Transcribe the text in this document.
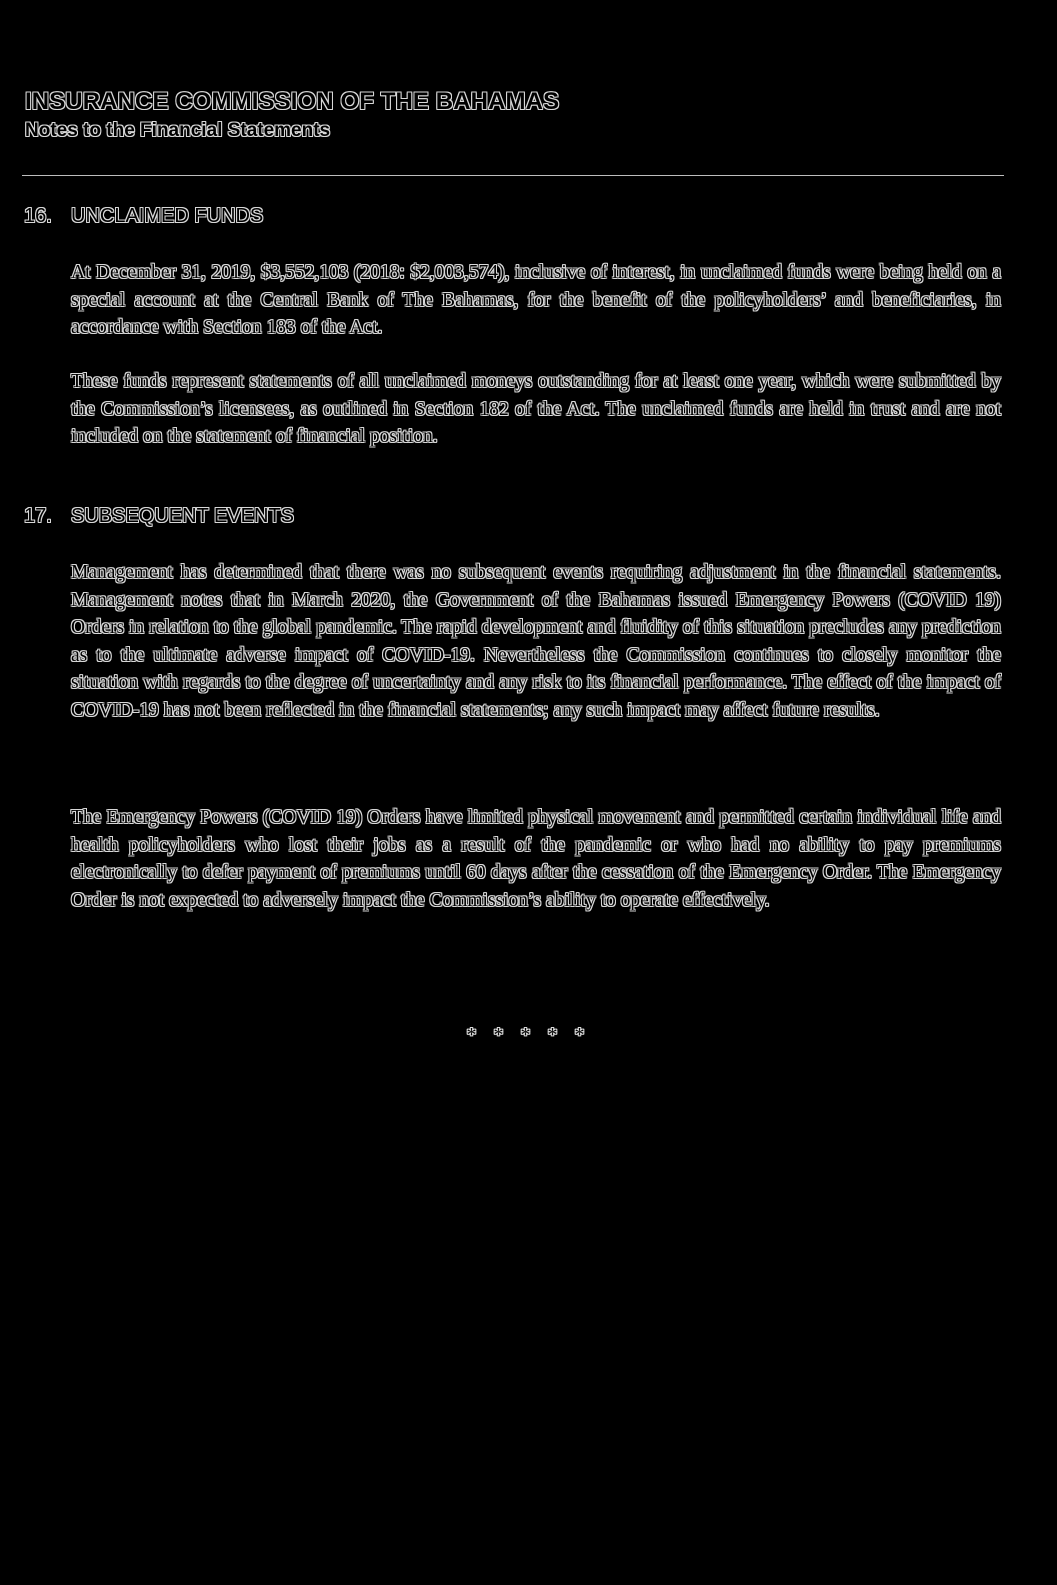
INSURANCE COMMISSION OF THE BAHAMAS
Notes to the Financial Statements
16. UNCLAIMED FUNDS

At December 31, 2019, $3,552,103 (2018: $2,003,574), inclusive of interest, in unclaimed funds were being held on a special account at the Central Bank of The Bahamas, for the benefit of the policyholders’ and beneficiaries, in accordance with Section 183 of the Act.

These funds represent statements of all unclaimed moneys outstanding for at least one year, which were submitted by the Commission’s licensees, as outlined in Section 182 of the Act. The unclaimed funds are held in trust and are not included on the statement of financial position.

17. SUBSEQUENT EVENTS

Management has determined that there was no subsequent events requiring adjustment in the financial statements. Management notes that in March 2020, the Government of the Bahamas issued Emergency Powers (COVID 19) Orders in relation to the global pandemic. The rapid development and fluidity of this situation precludes any prediction as to the ultimate adverse impact of COVID-19. Nevertheless the Commission continues to closely monitor the situation with regards to the degree of uncertainty and any risk to its financial performance. The effect of the impact of COVID-19 has not been reflected in the financial statements; any such impact may affect future results.

The Emergency Powers (COVID 19) Orders have limited physical movement and permitted certain individual life and health policyholders who lost their jobs as a result of the pandemic or who had no ability to pay premiums electronically to defer payment of premiums until 60 days after the cessation of the Emergency Order. The Emergency Order is not expected to adversely impact the Commission’s ability to operate effectively.

* * * * *
